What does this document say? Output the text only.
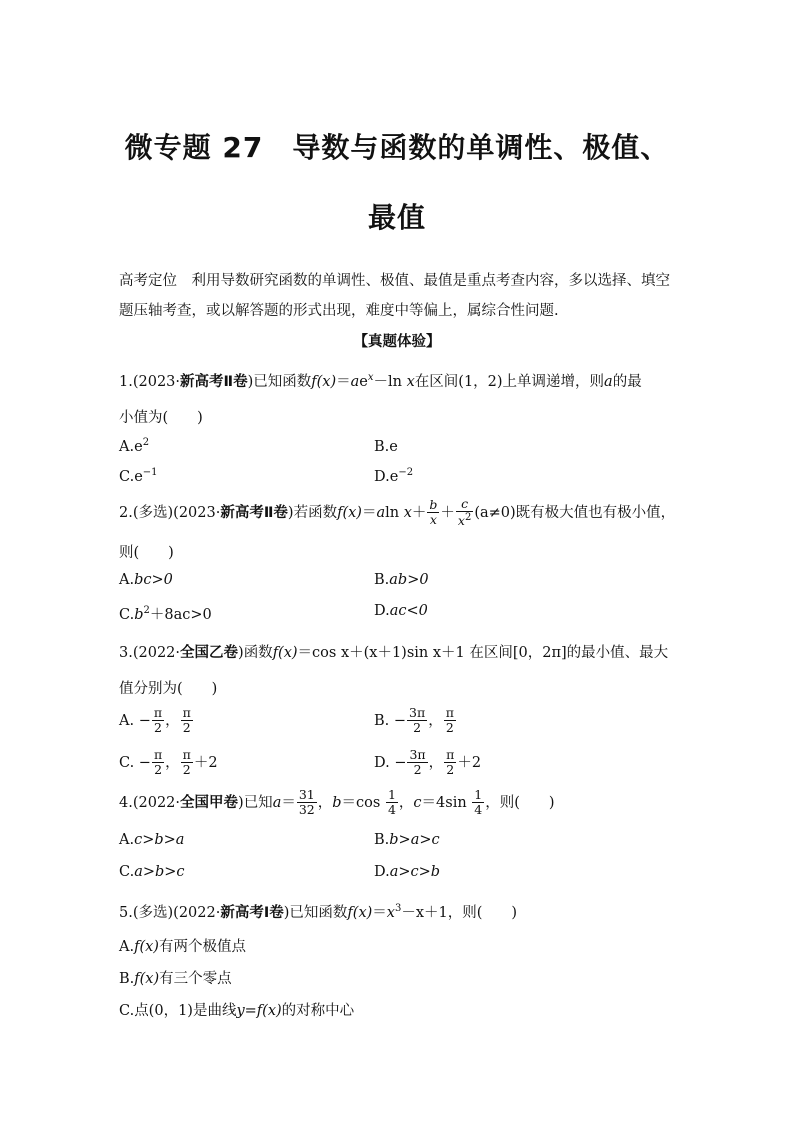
微专题 27　导数与函数的单调性、极值、
最值
高考定位　 利用导数研究函数的单调性、极值、最值是重点考查内容，多以选择、填空题压轴考查，或以解答题的形式出现，难度中等偏上，属综合性问题.
【真题体验】
1.(2023·新高考Ⅱ卷)已知函数$f(x)=ae^x-\ln$ x在区间(1，2)上单调递增，则a的最
小值为(　　)
$A.e^2$	B.e
$C.e^{-1}$	$D.e^{-2}$
2.(多选)(2023·新高考Ⅱ卷)若函数f(x)＝aln $x+ \frac{b}{x} + \frac{c}{x^2} (a\ne 0)$既有极大值也有极小值，
则(　　)
A.bc>0	B.ab>0
$C.b^2+8ac>0$	D.ac<0
3.(2022·全国乙卷)函数f(x)＝cos x＋(x＋1)sin x＋1 在区间[0，2π]的最小值、最大
值分别为(　　)
A. − $\frac{\pi}{2}$ ， $\frac{\pi}{2}$	B. − $\frac{3\pi}{2}$ ， $\frac{\pi}{2}$
C. − $\frac{\pi}{2}$ ， $\frac{\pi}{2} +2$	D. − $\frac{3\pi}{2}$ ， $\frac{\pi}{2} +2$
4.(2022·全国甲卷)已知$a= \frac{31}{32}$ ，$b=\cos \frac{1}{4}$ ，$c=4\sin \frac{1}{4}$ ，则(　　)
A.c>b>a	B.b>a>c
C.a>b>c	D.a>c>b
5.(多选)(2022·新高考Ⅰ卷)已知函数$f(x)=x^3-x+1$，则(　　)
A.f(x)有两个极值点
B.f(x)有三个零点
C.点(0，1)是曲线y=f(x)的对称中心
